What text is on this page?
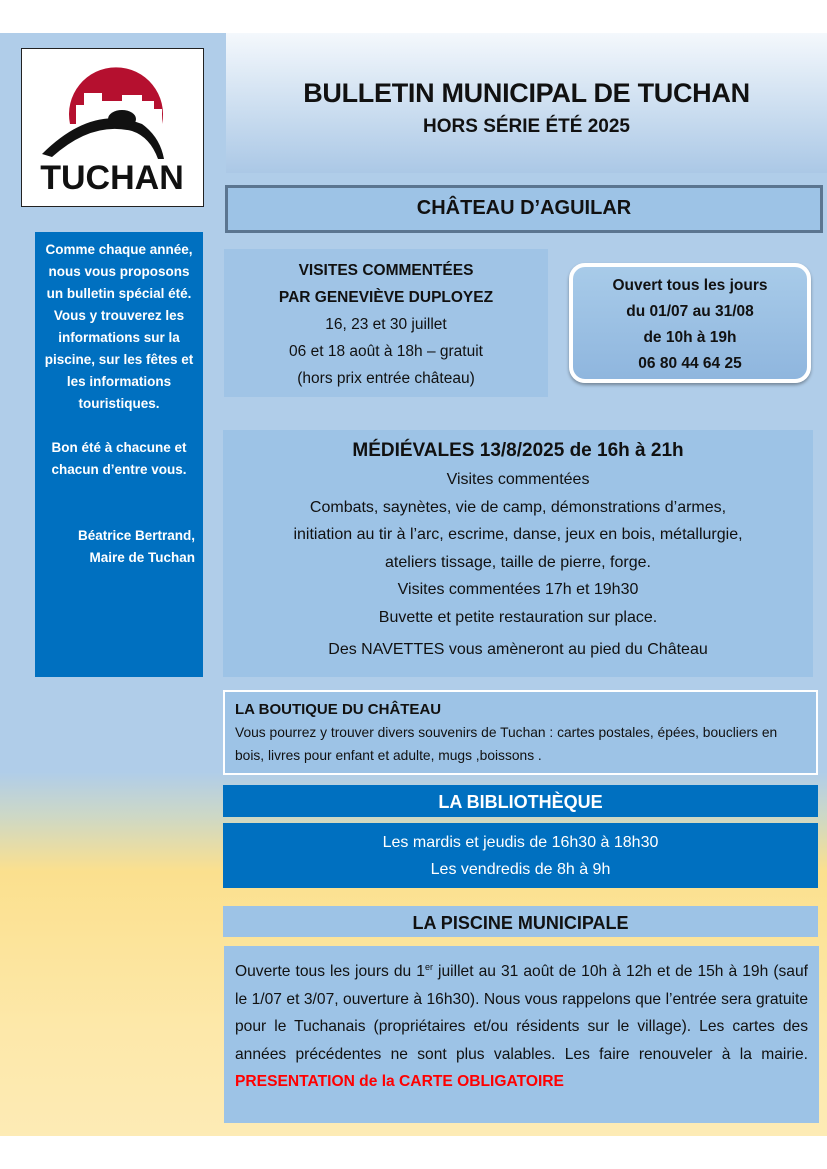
TUCHAN
BULLETIN MUNICIPAL DE TUCHAN
HORS SÉRIE ÉTÉ 2025
CHÂTEAU D’AGUILAR

Comme chaque année, nous vous proposons un bulletin spécial été. Vous y trouverez les informations sur la piscine, sur les fêtes et les informations touristiques.

Bon été à chacune et chacun d’entre vous.

Béatrice Bertrand,
Maire de Tuchan
VISITES COMMENTÉES
PAR GENEVIÈVE DUPLOYEZ
16, 23 et 30 juillet
06 et 18 août à 18h – gratuit
(hors prix entrée château)
Ouvert tous les jours
du 01/07 au 31/08
de 10h à 19h
06 80 44 64 25
MÉDIÉVALES 13/8/2025 de 16h à 21h
Visites commentées
Combats, saynètes, vie de camp, démonstrations d’armes,
initiation au tir à l’arc, escrime, danse, jeux en bois, métallurgie,
ateliers tissage, taille de pierre, forge.
Visites commentées 17h et 19h30
Buvette et petite restauration sur place.
Des NAVETTES vous amèneront au pied du Château
LA BOUTIQUE DU CHÂTEAU
Vous pourrez y trouver divers souvenirs de Tuchan : cartes postales, épées, boucliers en bois, livres pour enfant et adulte, mugs ,boissons .
LA BIBLIOTHÈQUE
Les mardis et jeudis de 16h30 à 18h30
Les vendredis de 8h à 9h
LA PISCINE MUNICIPALE
Ouverte tous les jours du 1er juillet au 31 août de 10h à 12h et de 15h à 19h (sauf le 1/07 et 3/07, ouverture à 16h30). Nous vous rappelons que l’entrée sera gratuite pour le Tuchanais (propriétaires et/ou résidents sur le village). Les cartes des années précédentes ne sont plus valables. Les faire renouveler à la mairie. PRESENTATION de la CARTE OBLIGATOIRE
